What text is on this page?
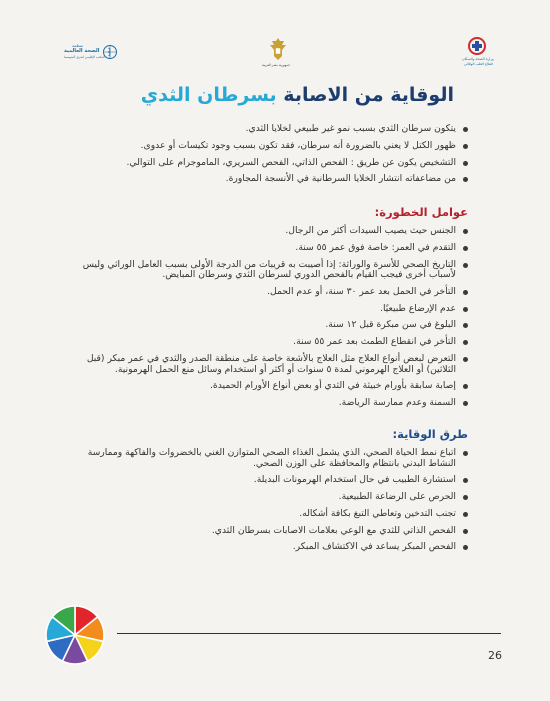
منظمة
الصحة العالمية
المكتب الإقليمي لشرق المتوسط
جمهورية مصر العربية
وزارة الصحة والسكان
قطاع الطب الوقائي
الوقاية من الاصابة بسرطان الثدي
يتكون سرطان الثدي بسبب نمو غير طبيعي لخلايا الثدي.
ظهور الكتل لا يعني بالضرورة أنه سرطان، فقد تكون بسبب وجود تكيسات أو عدوى.
التشخيص يكون عن طريق : الفحص الذاتي، الفحص السريري، الماموجرام على التوالي.
من مضاعفاته انتشار الخلايا السرطانية في الأنسجة المجاورة.
عوامل الخطورة:
الجنس حيث يصيب السيدات أكثر من الرجال.
التقدم في العمر: خاصة فوق عمر ٥٥ سنة.
التاريخ الصحي للأسرة والوراثة: إذا أصيبت به قريبات من الدرجة الأولى بسبب العامل الوراثي وليس لأسباب أخرى فيجب القيام بالفحص الدوري لسرطان الثدي وسرطان المبايض.
التأخر في الحمل بعد عمر ٣٠ سنة، أو عدم الحمل.
عدم الإرضاع طبيعيًا.
البلوغ في سن مبكرة قبل ١٢ سنة.
التأخر في انقطاع الطمث بعد عمر ٥٥ سنة.
التعرض لبعض أنواع العلاج مثل العلاج بالأشعة خاصة على منطقة الصدر والثدي في عمر مبكر (قبل الثلاثين) أو العلاج الهرموني لمدة ٥ سنوات أو أكثر أو استخدام وسائل منع الحمل الهرمونية.
إصابة سابقة بأورام خبيثة في الثدي أو بعض أنواع الأورام الحميدة.
السمنة وعدم ممارسة الرياضة.
طرق الوقاية:
اتباع نمط الحياة الصحي، الذي يشمل الغذاء الصحي المتوازن الغني بالخضروات والفاكهة وممارسة النشاط البدني بانتظام والمحافظة على الوزن الصحي.
استشارة الطبيب في حال استخدام الهرمونات البديلة.
الحرص على الرضاعة الطبيعية.
تجنب التدخين وتعاطي التبغ بكافة أشكاله.
الفحص الذاتي للثدي مع الوعي بعلامات الاصابات بسرطان الثدي.
الفحص المبكر يساعد في الاكتشاف المبكر.
26
